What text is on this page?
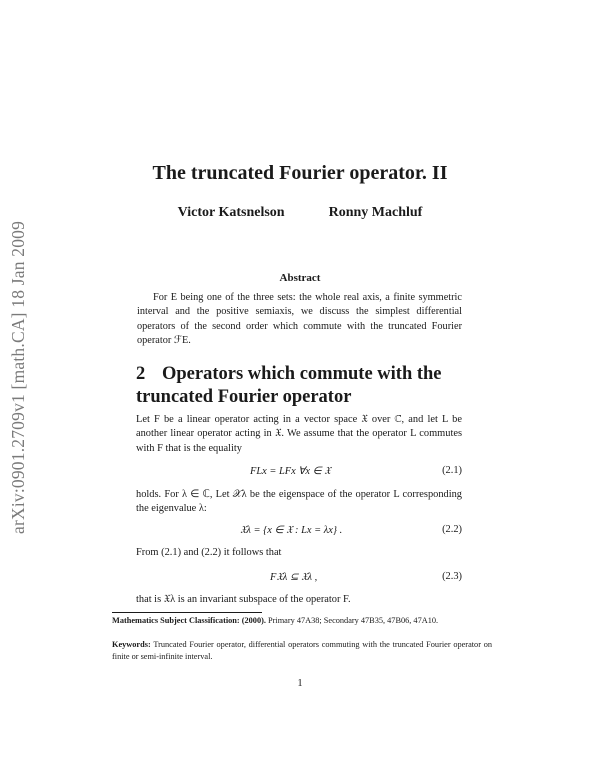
arXiv:0901.2709v1 [math.CA] 18 Jan 2009
The truncated Fourier operator. II
Victor Katsnelson	Ronny Machluf
Abstract

For E being one of the three sets: the whole real axis, a finite symmetric interval and the positive semiaxis, we discuss the simplest differential operators of the second order which commute with the truncated Fourier operator ℱE.

2 Operators which commute with the truncated Fourier operator

Let F be a linear operator acting in a vector space 𝔛 over ℂ, and let L be another linear operator acting in 𝔛. We assume that the operator L commutes with F that is the equality

FLx = LFx ∀x ∈ 𝔛	(2.1)

holds. For λ ∈ ℂ, Let 𝒳λ be the eigenspace of the operator L corresponding the eigenvalue λ:

𝔛λ = {x ∈ 𝔛 : Lx = λx} .	(2.2)

From (2.1) and (2.2) it follows that

F𝔛λ ⊆ 𝔛λ ,	(2.3)

that is 𝔛λ is an invariant subspace of the operator F.

Mathematics Subject Classification: (2000). Primary 47A38; Secondary 47B35, 47B06, 47A10.

Keywords: Truncated Fourier operator, differential operators commuting with the truncated Fourier operator on finite or semi-infinite interval.

1
